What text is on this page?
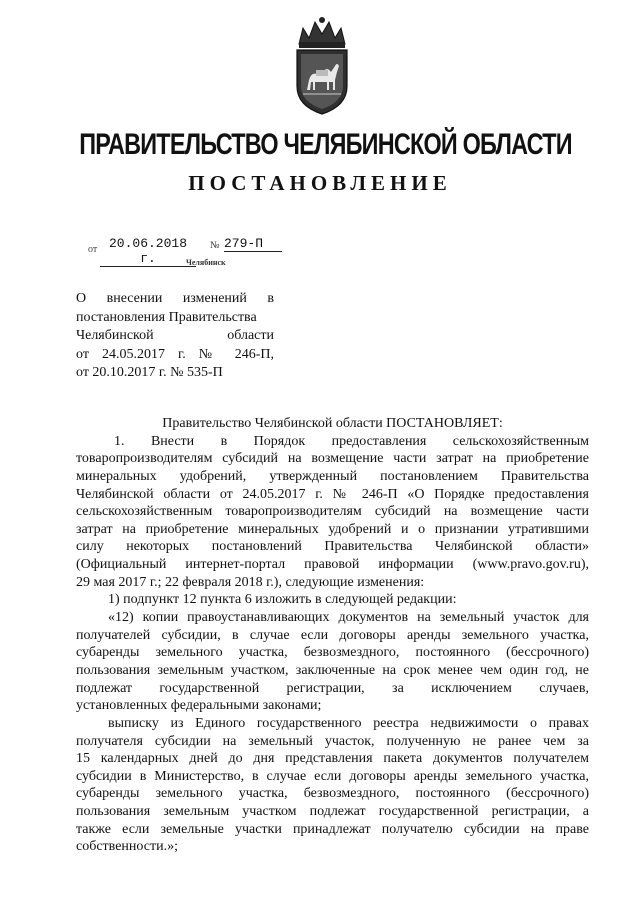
ПРАВИТЕЛЬСТВО ЧЕЛЯБИНСКОЙ ОБЛАСТИ
ПОСТАНОВЛЕНИЕ
от 20.06.2018 г.
№ 279-П
Челябинск
О внесении изменений в
постановления Правительства
Челябинской области
от 24.05.2017 г. № 246-П,
от 20.10.2017 г. № 535-П
Правительство Челябинской области ПОСТАНОВЛЯЕТ:
1. Внести в Порядок предоставления сельскохозяйственным
товаропроизводителям субсидий на возмещение части затрат на приобретение
минеральных удобрений, утвержденный постановлением Правительства
Челябинской области от 24.05.2017 г. № 246-П «О Порядке предоставления
сельскохозяйственным товаропроизводителям субсидий на возмещение части
затрат на приобретение минеральных удобрений и о признании утратившими
силу некоторых постановлений Правительства Челябинской области»
(Официальный интернет-портал правовой информации (www.pravo.gov.ru),
29 мая 2017 г.; 22 февраля 2018 г.), следующие изменения:
1) подпункт 12 пункта 6 изложить в следующей редакции:
«12) копии правоустанавливающих документов на земельный участок для
получателей субсидии, в случае если договоры аренды земельного участка,
субаренды земельного участка, безвозмездного, постоянного (бессрочного)
пользования земельным участком, заключенные на срок менее чем один год, не
подлежат государственной регистрации, за исключением случаев,
установленных федеральными законами;
выписку из Единого государственного реестра недвижимости о правах
получателя субсидии на земельный участок, полученную не ранее чем за
15 календарных дней до дня представления пакета документов получателем
субсидии в Министерство, в случае если договоры аренды земельного участка,
субаренды земельного участка, безвозмездного, постоянного (бессрочного)
пользования земельным участком подлежат государственной регистрации, а
также если земельные участки принадлежат получателю субсидии на праве
собственности.»;
